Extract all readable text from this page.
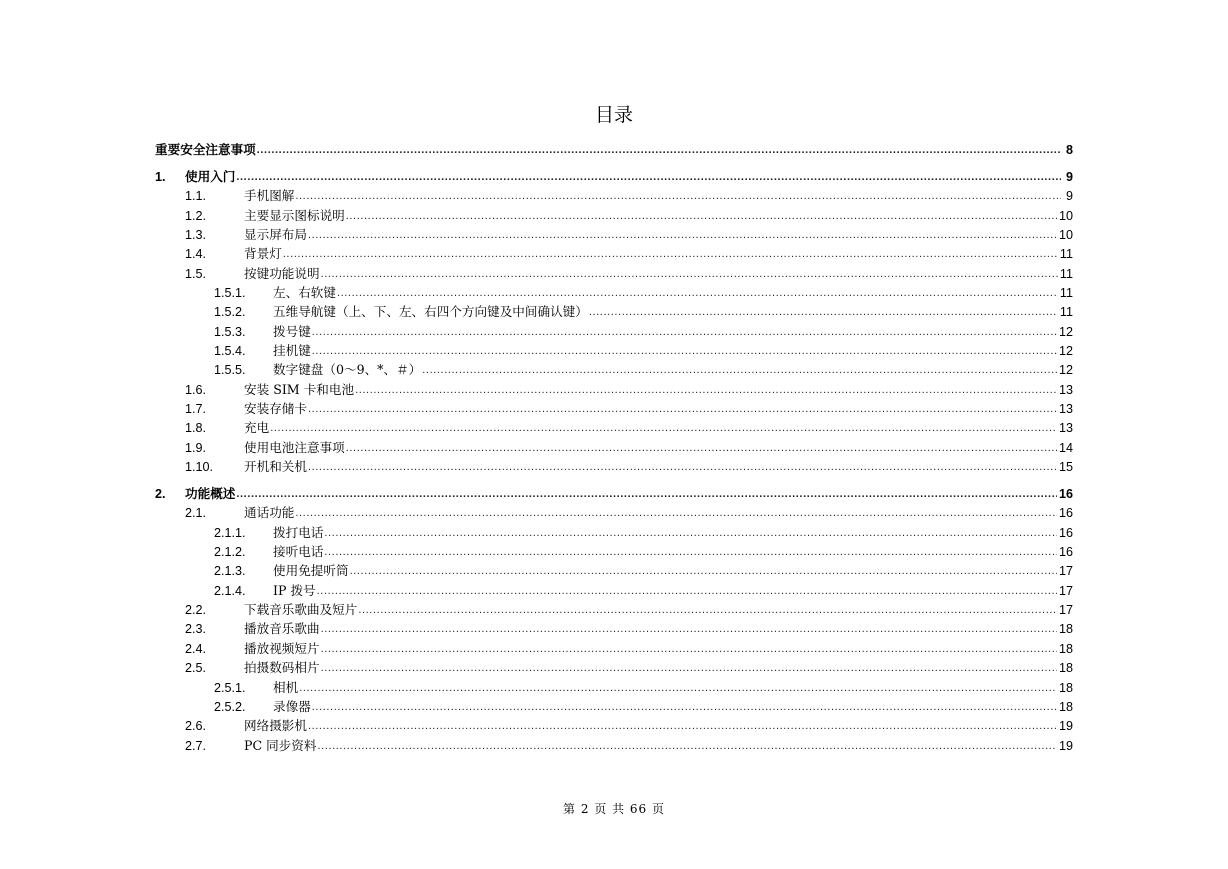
目录
重要安全注意事项 .....	8
1.	使用入门 .....	9
1.1.	手机图解 .....	9
1.2.	主要显示图标说明 .....	10
1.3.	显示屏布局 .....	10
1.4.	背景灯 .....	11
1.5.	按键功能说明 .....	11
1.5.1.	左、右软键 .....	11
1.5.2.	五维导航键（上、下、左、右四个方向键及中间确认键） .....	11
1.5.3.	拨号键 .....	12
1.5.4.	挂机键 .....	12
1.5.5.	数字键盘（0～9、*、＃） .....	12
1.6.	安装 SIM 卡和电池 .....	13
1.7.	安装存储卡 .....	13
1.8.	充电 .....	13
1.9.	使用电池注意事项 .....	14
1.10.	开机和关机 .....	15
2.	功能概述 .....	16
2.1.	通话功能 .....	16
2.1.1.	拨打电话 .....	16
2.1.2.	接听电话 .....	16
2.1.3.	使用免提听筒 .....	17
2.1.4.	IP 拨号 .....	17
2.2.	下载音乐歌曲及短片 .....	17
2.3.	播放音乐歌曲 .....	18
2.4.	播放视频短片 .....	18
2.5.	拍摄数码相片 .....	18
2.5.1.	相机 .....	18
2.5.2.	录像器 .....	18
2.6.	网络摄影机 .....	19
2.7.	PC 同步资料 .....	19
第 2 页 共 66 页
